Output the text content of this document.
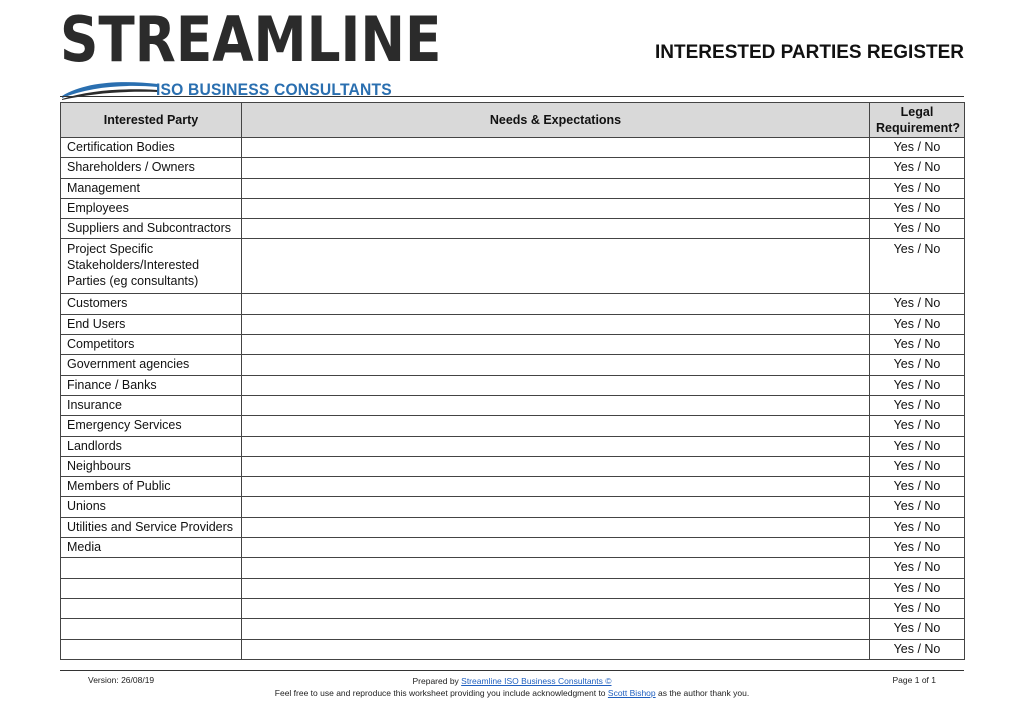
STREAMLINE
ISO BUSINESS CONSULTANTS
INTERESTED PARTIES REGISTER
Interested Party	Needs & Expectations	Legal
Requirement?
Certification Bodies		Yes / No
Shareholders / Owners		Yes / No
Management		Yes / No
Employees		Yes / No
Suppliers and Subcontractors		Yes / No
Project Specific Stakeholders/Interested Parties (eg consultants)		Yes / No
Customers		Yes / No
End Users		Yes / No
Competitors		Yes / No
Government agencies		Yes / No
Finance / Banks		Yes / No
Insurance		Yes / No
Emergency Services		Yes / No
Landlords		Yes / No
Neighbours		Yes / No
Members of Public		Yes / No
Unions		Yes / No
Utilities and Service Providers		Yes / No
Media		Yes / No
		Yes / No
		Yes / No
		Yes / No
		Yes / No
		Yes / No
Version: 26/08/19	Prepared by Streamline ISO Business Consultants ©
Feel free to use and reproduce this worksheet providing you include acknowledgment to Scott Bishop as the author thank you.
Page 1 of 1
